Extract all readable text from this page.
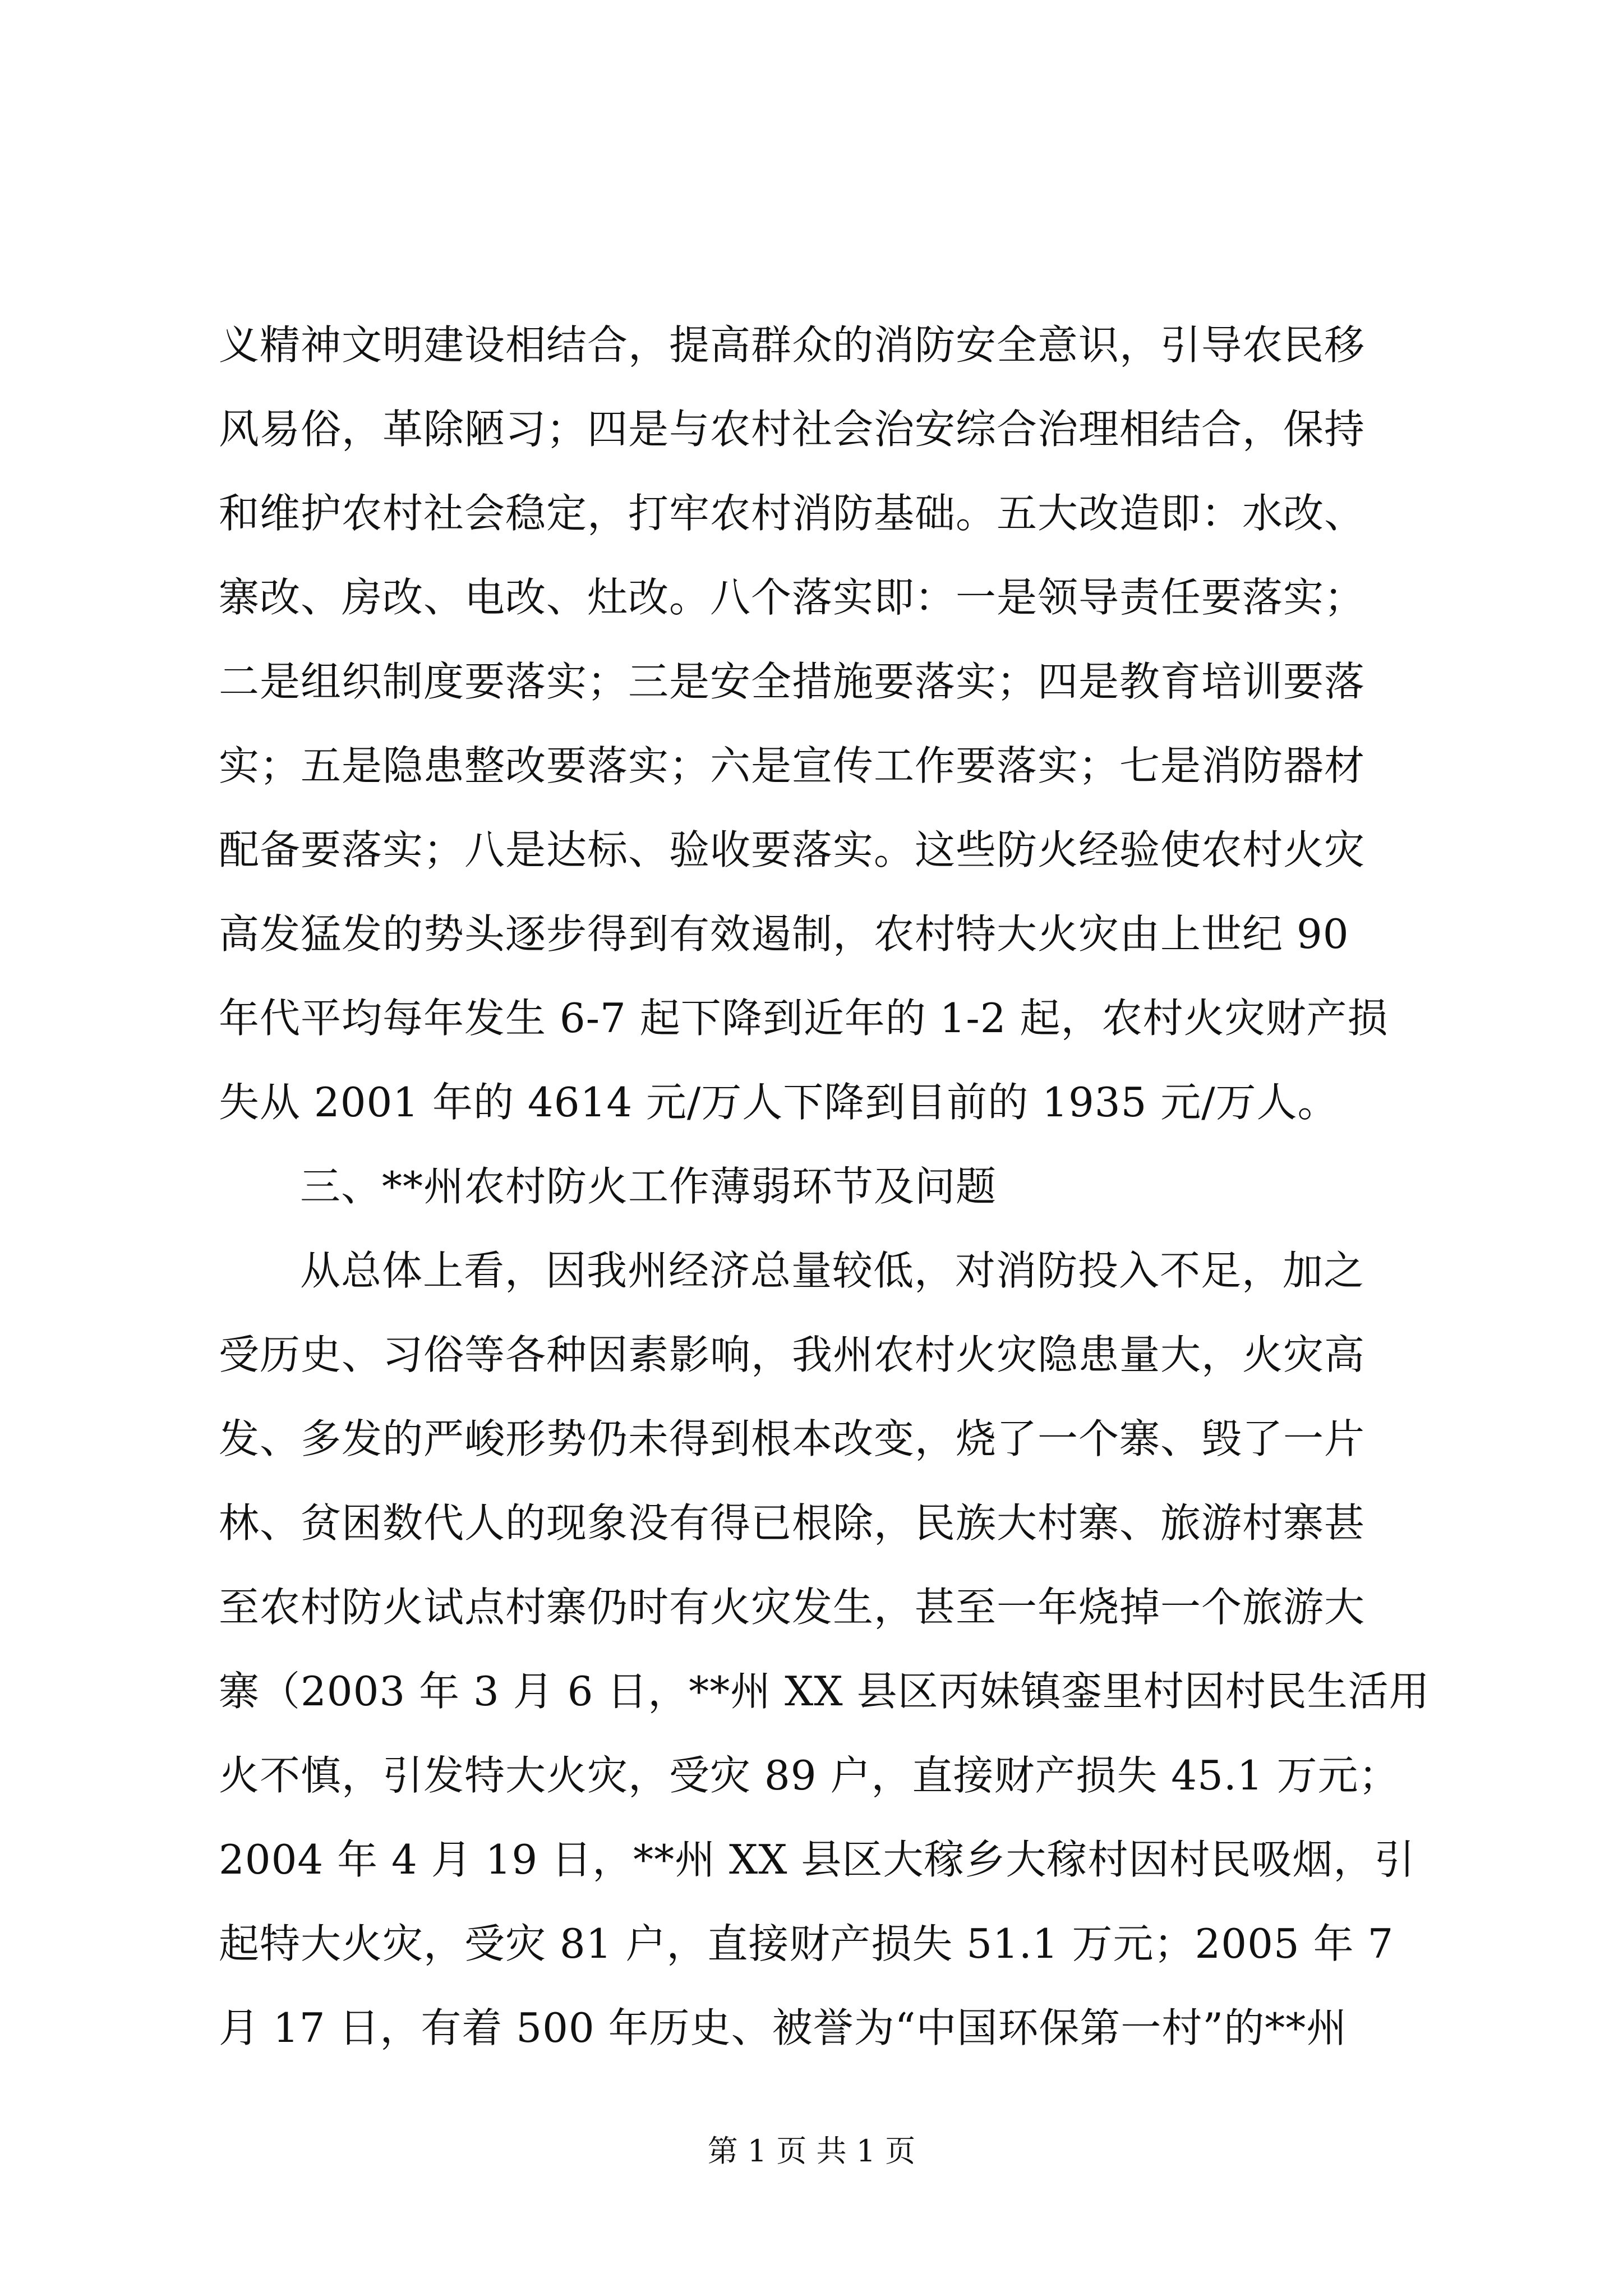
义精神文明建设相结合，提高群众的消防安全意识，引导农民移
风易俗，革除陋习；四是与农村社会治安综合治理相结合，保持
和维护农村社会稳定，打牢农村消防基础。五大改造即：水改、
寨改、房改、电改、灶改。八个落实即：一是领导责任要落实；
二是组织制度要落实；三是安全措施要落实；四是教育培训要落
实；五是隐患整改要落实；六是宣传工作要落实；七是消防器材
配备要落实；八是达标、验收要落实。这些防火经验使农村火灾
高发猛发的势头逐步得到有效遏制，农村特大火灾由上世纪 90
年代平均每年发生 6-7 起下降到近年的 1-2 起，农村火灾财产损
失从 2001 年的 4614 元/万人下降到目前的 1935 元/万人。
三、**州农村防火工作薄弱环节及问题
从总体上看，因我州经济总量较低，对消防投入不足，加之
受历史、习俗等各种因素影响，我州农村火灾隐患量大，火灾高
发、多发的严峻形势仍未得到根本改变，烧了一个寨、毁了一片
林、贫困数代人的现象没有得已根除，民族大村寨、旅游村寨甚
至农村防火试点村寨仍时有火灾发生，甚至一年烧掉一个旅游大
寨（2003 年 3 月 6 日，**州 XX 县区丙妹镇銮里村因村民生活用
火不慎，引发特大火灾，受灾 89 户，直接财产损失 45.1 万元；
2004 年 4 月 19 日，**州 XX 县区大稼乡大稼村因村民吸烟，引
起特大火灾，受灾 81 户，直接财产损失 51.1 万元；2005 年 7
月 17 日，有着 500 年历史、被誉为“中国环保第一村”的**州
第 1 页 共 1 页
